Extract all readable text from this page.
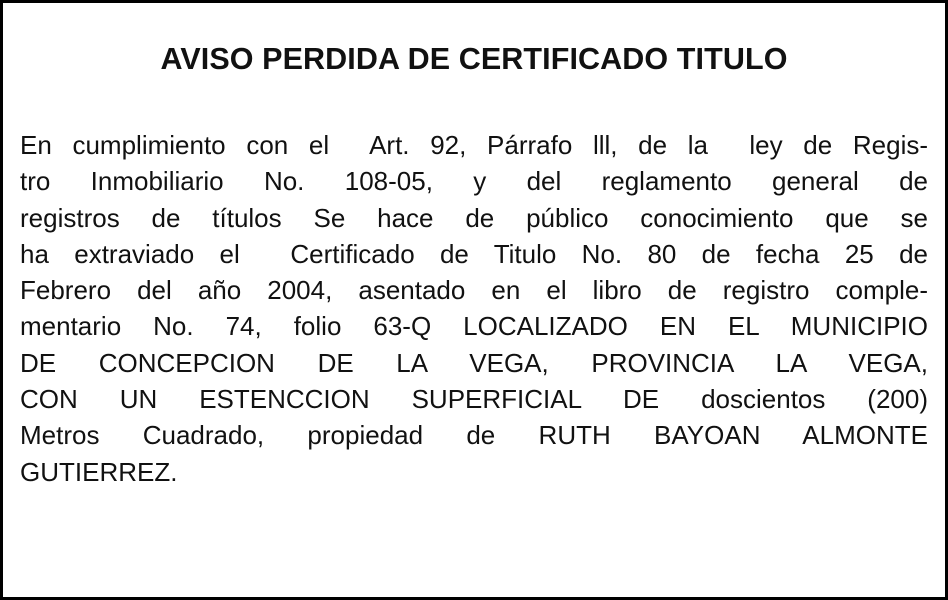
AVISO PERDIDA DE CERTIFICADO TITULO
En cumplimiento con el  Art. 92, Párrafo lll, de la  ley de Regis-
tro Inmobiliario No. 108-05, y del reglamento general de
registros de títulos Se hace de público conocimiento que se
ha extraviado el  Certificado de Titulo No. 80 de fecha 25 de
Febrero del año 2004, asentado en el libro de registro comple-
mentario No. 74, folio 63-Q LOCALIZADO EN EL MUNICIPIO
DE CONCEPCION DE LA VEGA, PROVINCIA LA VEGA,
CON UN ESTENCCION SUPERFICIAL DE doscientos (200)
Metros Cuadrado, propiedad de RUTH BAYOAN ALMONTE
GUTIERREZ.
